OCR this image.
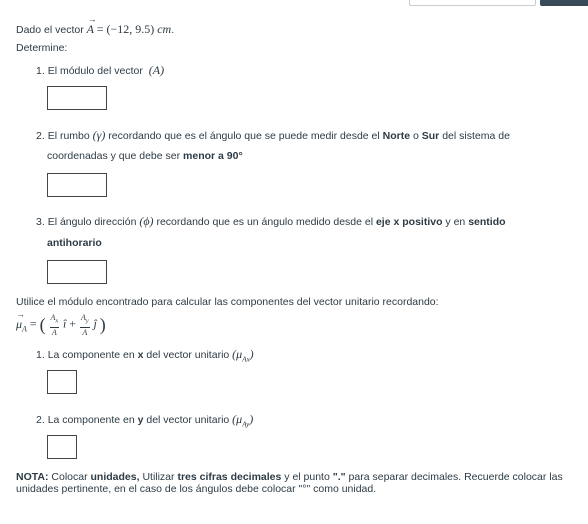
Dado el vector
→
A = (−12, 9.5) cm.
Determine:
1. El módulo del vector (A)
2. El rumbo (γ) recordando que es el ángulo que se puede medir desde el Norte o Sur del sistema de
coordenadas y que debe ser menor a 90°
3. El ángulo dirección (ϕ) recordando que es un ángulo medido desde el eje x positivo y en sentido
antihorario
Utilice el módulo encontrado para calcular las componentes del vector unitario recordando:
→
$\mu_A$ = ( $\frac{A_x}{A}$ î + $\frac{A_y}{A}$ ĵ )
1. La componente en x del vector unitario $(\mu_{Ax})$
2. La componente en y del vector unitario $(\mu_{Ay})$
NOTA: Colocar unidades, Utilizar tres cifras decimales y el punto "." para separar decimales. Recuerde colocar las unidades pertinente, en el caso de los ángulos debe colocar "°" como unidad.
